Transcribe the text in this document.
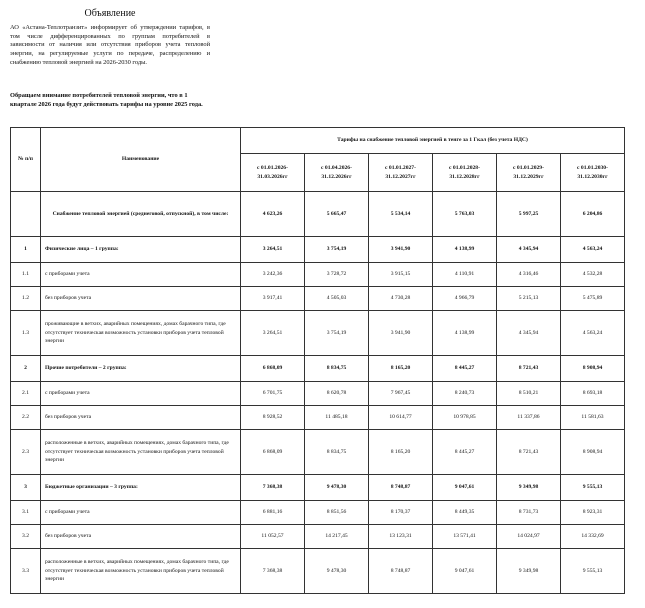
Объявление
АО «Астана-Теплотранзит» информирует об утверждении тарифов, в том числе дифференцированных по группам потребителей в зависимости от наличия или отсутствия приборов учета тепловой энергии, на регулируемые услуги по передаче, распределению и снабжению тепловой энергией на 2026-2030 годы.
Обращаем внимание потребителей тепловой энергии, что в 1 квартале 2026 года будут действовать тарифы на уровне 2025 года.
№ п/п	Наименование	Тарифы на снабжение тепловой энергией в тенге за 1 Гкал (без учета НДС)					
		с 01.01.2026-31.03.2026гг	с 01.04.2026-31.12.2026гг	с 01.01.2027-31.12.2027гг	с 01.01.2028-31.12.2028гг	с 01.01.2029-31.12.2029гг	с 01.01.2030-31.12.2030гг
	Снабжение тепловой энергией (среднеговой, отпускной), в том числе:	4 623,26	5 665,47	5 534,14	5 763,03	5 997,25	6 204,86
1	Физические лица – 1 группа:	3 264,51	3 754,19	3 941,90	4 138,99	4 345,94	4 563,24
1.1	с приборами учета	3 242,36	3 728,72	3 915,15	4 110,91	4 316,46	4 532,28
1.2	без приборов учета	3 917,41	4 505,03	4 730,28	4 966,79	5 215,13	5 475,89
1.3	проживающие в ветхих, аварийных помещениях, домах барачного типа, где отсутствует техническая возможность установки приборов учета тепловой энергии	3 264,51	3 754,19	3 941,90	4 138,99	4 345,94	4 563,24
2	Прочие потребители – 2 группа:	6 868,09	8 834,75	8 165,20	8 445,27	8 721,43	8 908,94
2.1	с приборами учета	6 701,75	8 620,78	7 967,45	8 240,73	8 510,21	8 693,18
2.2	без приборов учета	8 928,52	11 485,18	10 614,77	10 978,85	11 337,86	11 581,63
2.3	расположенные в ветхих, аварийных помещениях, домах барачного типа, где отсутствует техническая возможность установки приборов учета тепловой энергии	6 868,09	8 834,75	8 165,20	8 445,27	8 721,43	8 908,94
3	Бюджетные организации – 3 группа:	7 368,38	9 478,30	8 748,87	9 047,61	9 349,98	9 555,13
3.1	с приборами учета	6 881,16	8 851,56	8 170,37	8 449,35	8 731,73	8 923,31
3.2	без приборов учета	11 052,57	14 217,45	13 123,31	13 571,41	14 024,97	14 332,69
3.3	расположенные в ветхих, аварийных помещениях, домах барачного типа, где отсутствует техническая возможность установки приборов учета тепловой энергии	7 368,38	9 478,30	8 748,87	9 047,61	9 349,98	9 555,13
